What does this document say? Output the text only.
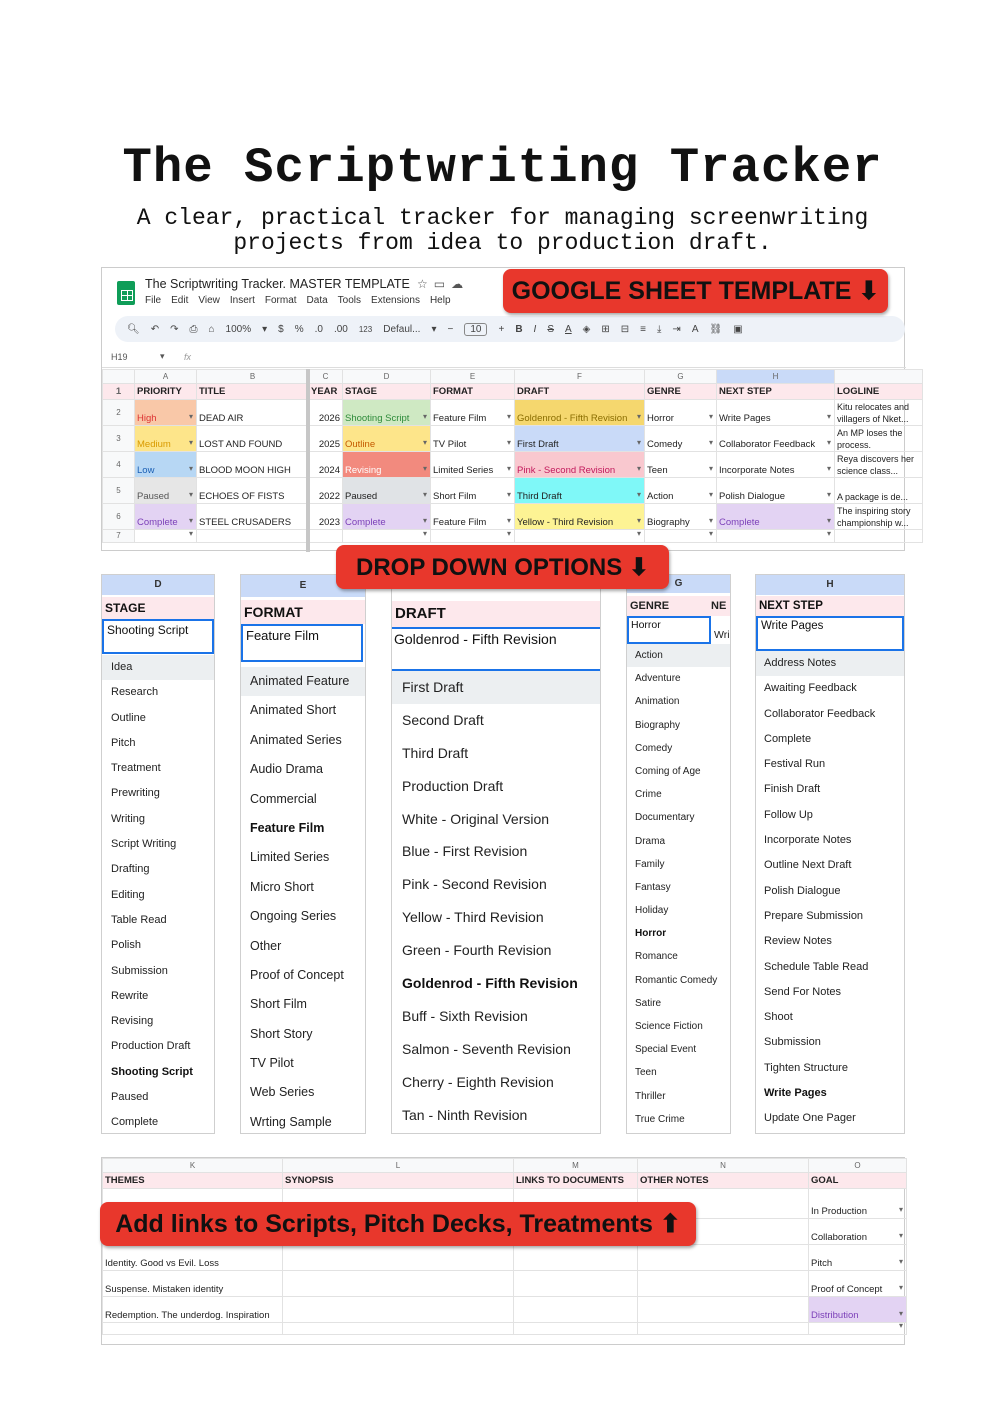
The Scriptwriting Tracker
A clear, practical tracker for managing screenwriting
projects from idea to production draft.
The Scriptwriting Tracker. MASTER TEMPLATE ☆▭☁
File Edit View Insert Format Data Tools Extensions Help
🔍︎ ↶ ↷ ⎙ ⌂ 100% ▾ $ % .0 .00 123 Defaul... ▾ −	10	+ B I S A ◈ ⊞ ⊟ ≡ ⤓ ⇥ A ⛓ ▣
H19	▾ fx
	A	B	C	D	E	F	G	H	
1	PRIORITY	TITLE	YEAR	STAGE	FORMAT	DRAFT	GENRE	NEXT STEP	LOGLINE
2	High ▾	DEAD AIR	2026	Shooting Script ▾	Feature Film ▾	Goldenrod - Fifth Revision ▾	Horror ▾	Write Pages ▾	Kitu relocates and villagers of Nket...
3	Medium ▾	LOST AND FOUND	2025	Outline ▾	TV Pilot ▾	First Draft ▾	Comedy ▾	Collaborator Feedback ▾	An MP loses the process.
4	Low ▾	BLOOD MOON HIGH	2024	Revising ▾	Limited Series ▾	Pink - Second Revision ▾	Teen ▾	Incorporate Notes ▾	Reya discovers her science class...
5	Paused ▾	ECHOES OF FISTS	2022	Paused ▾	Short Film ▾	Third Draft ▾	Action ▾	Polish Dialogue ▾	A package is de...
6	Complete ▾	STEEL CRUSADERS	2023	Complete ▾	Feature Film ▾	Yellow - Third Revision ▾	Biography ▾	Complete ▾	The inspiring story championship w...
7	▾			▾	▾	▾	▾	▾	
GOOGLE SHEET TEMPLATE ⬇
D
STAGE
Shooting Script
Idea
Research
Outline
Pitch
Treatment
Prewriting
Writing
Script Writing
Drafting
Editing
Table Read
Polish
Submission
Rewrite
Revising
Production Draft
Shooting Script
Paused
Complete
E
FORMAT
Feature Film
Animated Feature
Animated Short
Animated Series
Audio Drama
Commercial
Feature Film
Limited Series
Micro Short
Ongoing Series
Other
Proof of Concept
Short Film
Short Story
TV Pilot
Web Series
Wrting Sample
DRAFT
Goldenrod - Fifth Revision
First Draft
Second Draft
Third Draft
Production Draft
White - Original Version
Blue - First Revision
Pink - Second Revision
Yellow - Third Revision
Green - Fourth Revision
Goldenrod - Fifth Revision
Buff - Sixth Revision
Salmon - Seventh Revision
Cherry - Eighth Revision
Tan - Ninth Revision
G
GENRE	NE
Horror
Wri
Action
Adventure
Animation
Biography
Comedy
Coming of Age
Crime
Documentary
Drama
Family
Fantasy
Holiday
Horror
Romance
Romantic Comedy
Satire
Science Fiction
Special Event
Teen
Thriller
True Crime
H
NEXT STEP
Write Pages
Address Notes
Awaiting Feedback
Collaborator Feedback
Complete
Festival Run
Finish Draft
Follow Up
Incorporate Notes
Outline Next Draft
Polish Dialogue
Prepare Submission
Review Notes
Schedule Table Read
Send For Notes
Shoot
Submission
Tighten Structure
Write Pages
Update One Pager
DROP DOWN OPTIONS ⬇
K	L	M	N	O
THEMES	SYNOPSIS	LINKS TO DOCUMENTS	OTHER NOTES	GOAL
				In Production ▾
				Collaboration ▾
Identity. Good vs Evil. Loss				Pitch ▾
Suspense. Mistaken identity				Proof of Concept ▾
Redemption. The underdog. Inspiration				Distribution ▾
				▾
Add links to Scripts, Pitch Decks, Treatments ⬆
